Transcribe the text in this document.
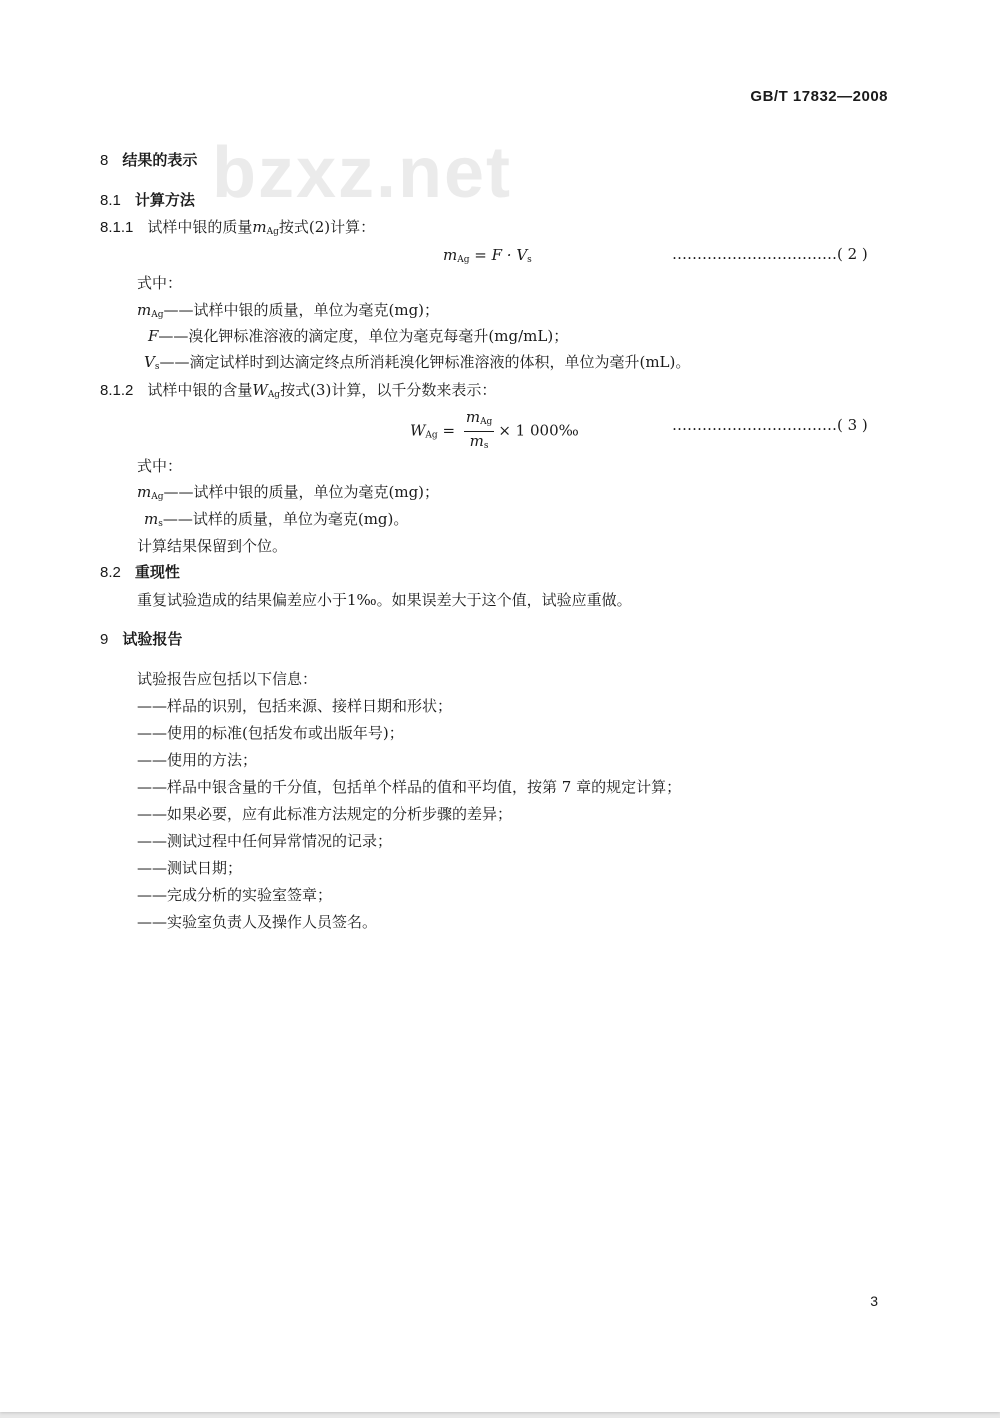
bzxz.net
GB/T 17832—2008
8 结果的表示
8.1 计算方法
8.1.1 试样中银的质量$m_{Ag}$按式(2)计算：
$m_{Ag} = F \cdot V_s$	……………………………( 2 )
式中：
$m_{Ag}——$试样中银的质量，单位为毫克(mg)；
F——溴化钾标准溶液的滴定度，单位为毫克每毫升(mg/mL)；
$V_s——$滴定试样时到达滴定终点所消耗溴化钾标准溶液的体积，单位为毫升(mL)。
8.1.2 试样中银的含量$W_{Ag}$按式(3)计算，以千分数来表示：
$W_{Ag} = \frac{m_{Ag}}{m_s} \times 1$ 000‰	……………………………( 3 )
式中：
$m_{Ag}——$试样中银的质量，单位为毫克(mg)；
$m_s——$试样的质量，单位为毫克(mg)。
计算结果保留到个位。
8.2 重现性
重复试验造成的结果偏差应小于1‰。如果误差大于这个值，试验应重做。
9 试验报告
试验报告应包括以下信息：
——样品的识别，包括来源、接样日期和形状；
——使用的标准(包括发布或出版年号)；
——使用的方法；
——样品中银含量的千分值，包括单个样品的值和平均值，按第 7 章的规定计算；
——如果必要，应有此标准方法规定的分析步骤的差异；
——测试过程中任何异常情况的记录；
——测试日期；
——完成分析的实验室签章；
——实验室负责人及操作人员签名。
3
